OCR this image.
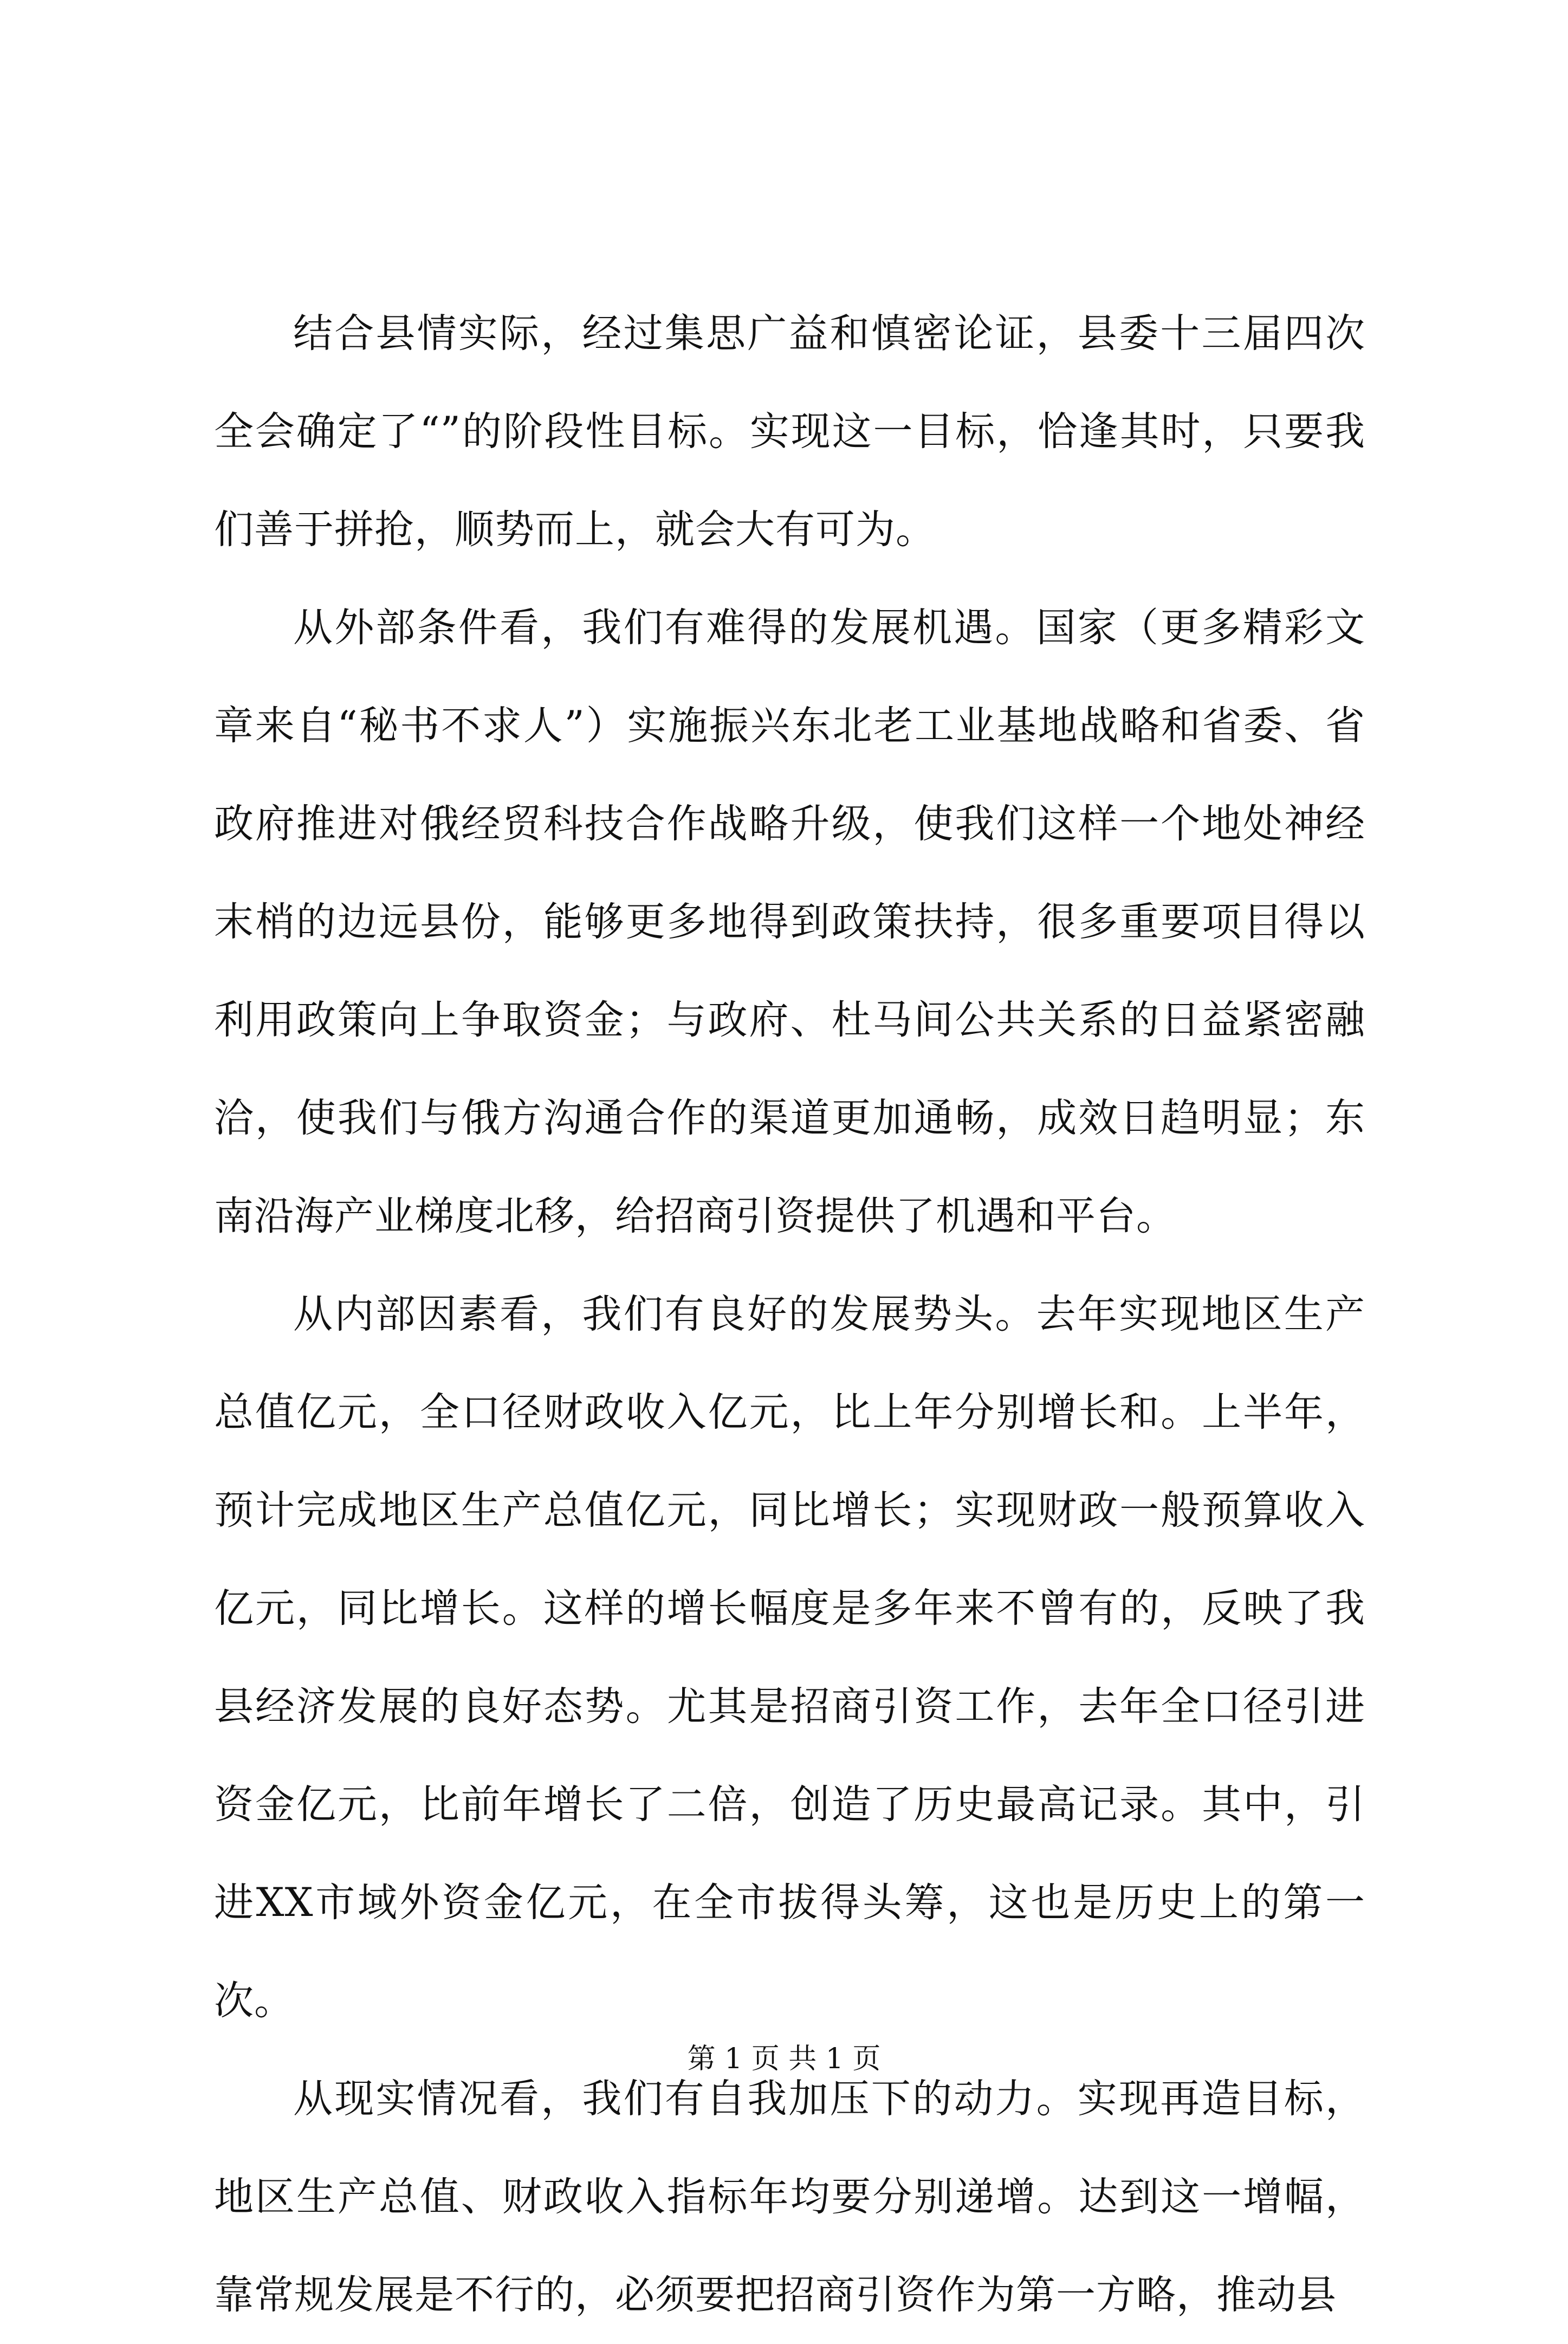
结合县情实际，经过集思广益和慎密论证，县委十三届四次全会确定了“”的阶段性目标。实现这一目标，恰逢其时，只要我们善于拼抢，顺势而上，就会大有可为。

从外部条件看，我们有难得的发展机遇。国家（更多精彩文章来自“秘书不求人”）实施振兴东北老工业基地战略和省委、省政府推进对俄经贸科技合作战略升级，使我们这样一个地处神经末梢的边远县份，能够更多地得到政策扶持，很多重要项目得以利用政策向上争取资金；与政府、杜马间公共关系的日益紧密融洽，使我们与俄方沟通合作的渠道更加通畅，成效日趋明显；东南沿海产业梯度北移，给招商引资提供了机遇和平台。

从内部因素看，我们有良好的发展势头。去年实现地区生产总值亿元，全口径财政收入亿元，比上年分别增长和。上半年，预计完成地区生产总值亿元，同比增长；实现财政一般预算收入亿元，同比增长。这样的增长幅度是多年来不曾有的，反映了我县经济发展的良好态势。尤其是招商引资工作，去年全口径引进资金亿元，比前年增长了二倍，创造了历史最高记录。其中，引进XX市域外资金亿元，在全市拔得头筹，这也是历史上的第一次。

从现实情况看，我们有自我加压下的动力。实现再造目标，地区生产总值、财政收入指标年均要分别递增。达到这一增幅，靠常规发展是不行的，必须要把招商引资作为第一方略，推动县

第 1 页 共 1 页
